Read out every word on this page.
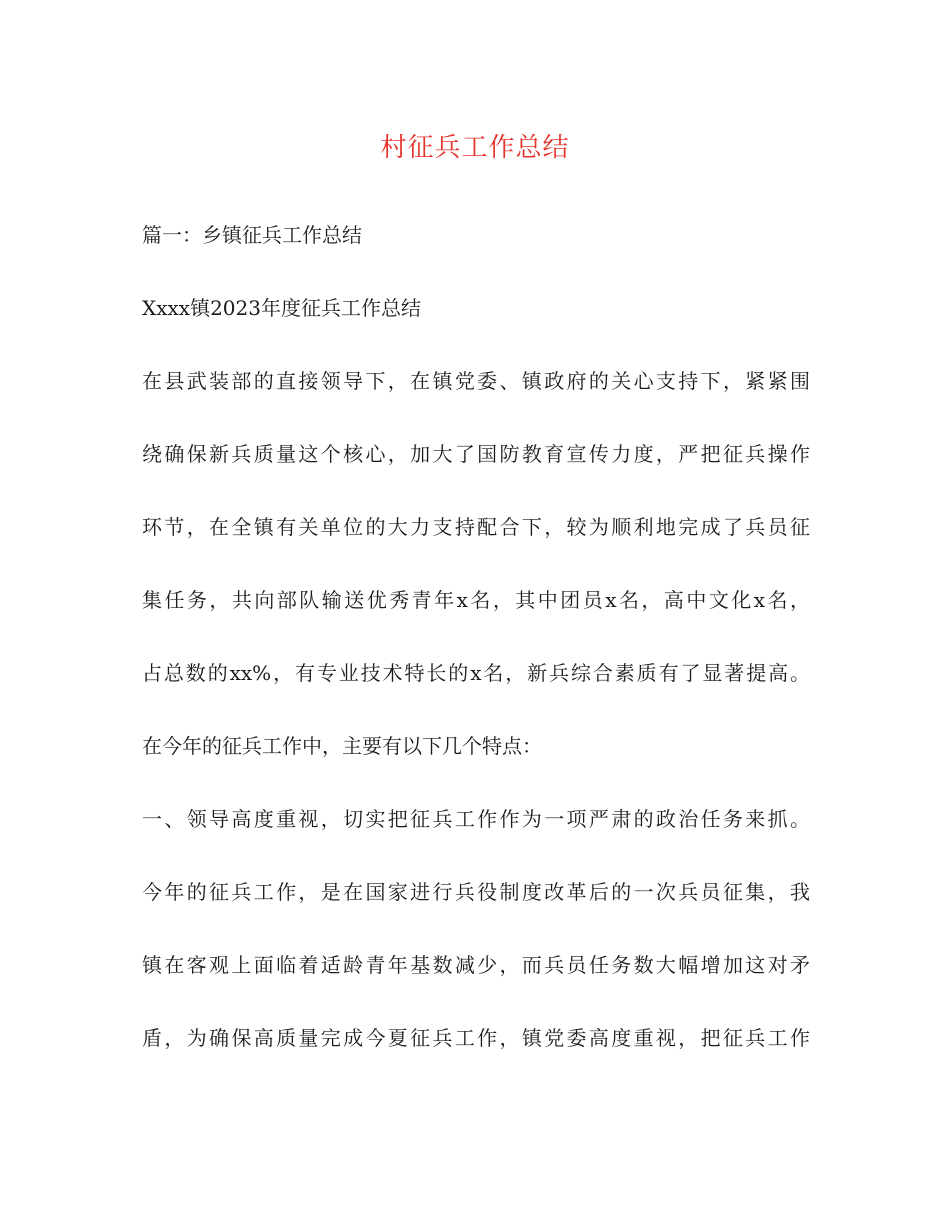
村征兵工作总结
篇一：乡镇征兵工作总结
Xxxx镇2023年度征兵工作总结
在县武装部的直接领导下，在镇党委、镇政府的关心支持下，紧紧围
绕确保新兵质量这个核心，加大了国防教育宣传力度，严把征兵操作
环节，在全镇有关单位的大力支持配合下，较为顺利地完成了兵员征
集任务，共向部队输送优秀青年x名，其中团员x名，高中文化x名，
占总数的xx%，有专业技术特长的x名，新兵综合素质有了显著提高。
在今年的征兵工作中，主要有以下几个特点：
一、领导高度重视，切实把征兵工作作为一项严肃的政治任务来抓。
今年的征兵工作，是在国家进行兵役制度改革后的一次兵员征集，我
镇在客观上面临着适龄青年基数减少，而兵员任务数大幅增加这对矛
盾，为确保高质量完成今夏征兵工作，镇党委高度重视，把征兵工作
